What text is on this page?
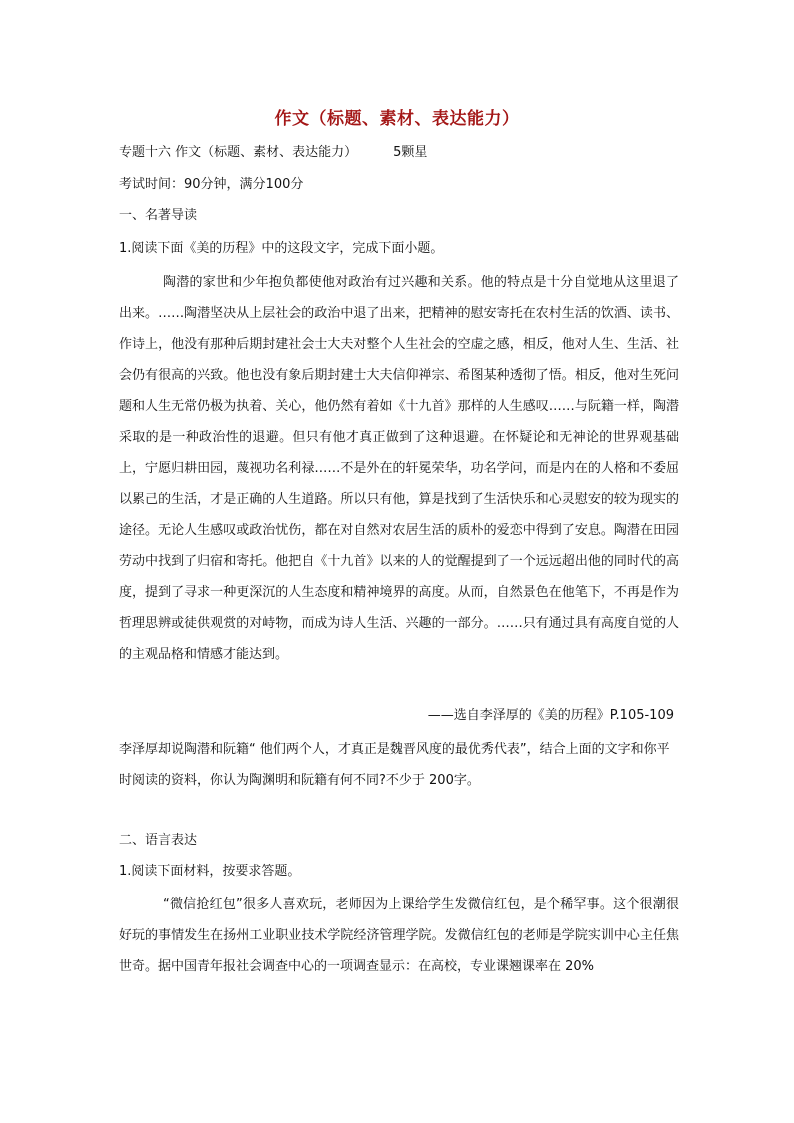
作文（标题、素材、表达能力）
专题十六 作文（标题、素材、表达能力）	5颗星
考试时间：90分钟，满分100分
一、名著导读
1.阅读下面《美的历程》中的这段文字，完成下面小题。

陶潜的家世和少年抱负都使他对政治有过兴趣和关系。他的特点是十分自觉地从这里退了出来。……陶潜坚决从上层社会的政治中退了出来，把精神的慰安寄托在农村生活的饮酒、读书、作诗上，他没有那种后期封建社会士大夫对整个人生社会的空虚之感，相反，他对人生、生活、社会仍有很高的兴致。他也没有象后期封建士大夫信仰禅宗、希图某种透彻了悟。相反，他对生死问题和人生无常仍极为执着、关心，他仍然有着如《十九首》那样的人生感叹……与阮籍一样，陶潜采取的是一种政治性的退避。但只有他才真正做到了这种退避。在怀疑论和无神论的世界观基础上，宁愿归耕田园，蔑视功名利禄……不是外在的轩冕荣华，功名学问，而是内在的人格和不委屈以累己的生活，才是正确的人生道路。所以只有他，算是找到了生活快乐和心灵慰安的较为现实的途径。无论人生感叹或政治忧伤，都在对自然对农居生活的质朴的爱恋中得到了安息。陶潜在田园劳动中找到了归宿和寄托。他把自《十九首》以来的人的觉醒提到了一个远远超出他的同时代的高度，提到了寻求一种更深沉的人生态度和精神境界的高度。从而，自然景色在他笔下，不再是作为哲理思辨或徒供观赏的对峙物，而成为诗人生活、兴趣的一部分。……只有通过具有高度自觉的人的主观品格和情感才能达到。

——选自李泽厚的《美的历程》P.105-109

李泽厚却说陶潜和阮籍“ 他们两个人，才真正是魏晋风度的最优秀代表”，结合上面的文字和你平时阅读的资料，你认为陶渊明和阮籍有何不同?不少于 200字。

二、语言表达
1.阅读下面材料，按要求答题。

“微信抢红包”很多人喜欢玩，老师因为上课给学生发微信红包，是个稀罕事。这个很潮很好玩的事情发生在扬州工业职业技术学院经济管理学院。发微信红包的老师是学院实训中心主任焦世奇。据中国青年报社会调查中心的一项调查显示：在高校，专业课翘课率在 20%
